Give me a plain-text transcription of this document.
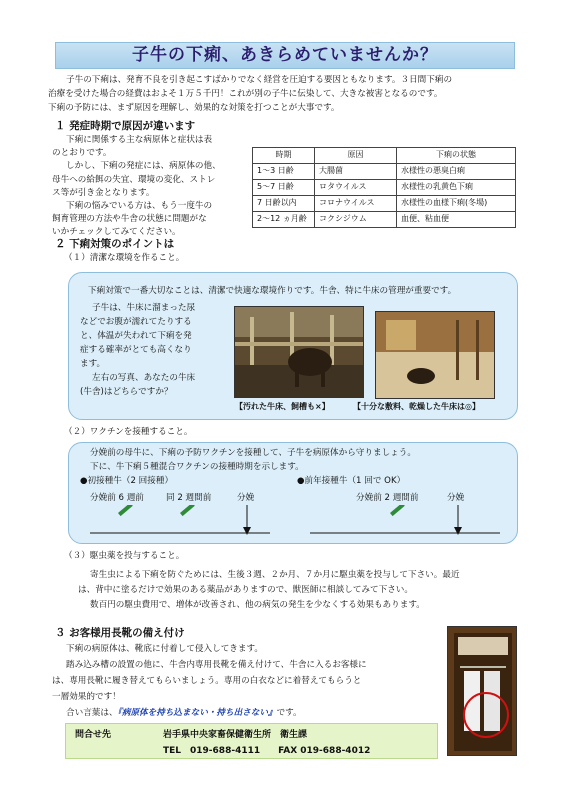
子牛の下痢、あきらめていませんか？
子牛の下痢は、発育不良を引き起こすばかりでなく経営を圧迫する要因ともなります。３日間下痢の
治療を受けた場合の経費はおよそ１万５千円！これが別の子牛に伝染して、大きな被害となるのです。
下痢の予防には、まず原因を理解し、効果的な対策を打つことが大事です。
１ 発症時期で原因が違います
下痢に関係する主な病原体と症状は表
のとおりです。
しかし、下痢の発症には、病原体の他、
母牛への給餌の失宜、環境の変化、ストレ
ス等が引き金となります。
下痢の悩みでいる方は、もう一度牛の
飼育管理の方法や牛舎の状態に問題がな
いかチェックしてみてください。
時期	原因	下痢の状態
1～3 日齢	大腸菌	水様性の悪臭白痢
5～7 日齢	ロタウイルス	水様性の乳黄色下痢
7 日齢以内	コロナウイルス	水様性の血様下痢(冬場)
2～12 ヵ月齢	コクシジウム	血便、粘血便
２ 下痢対策のポイントは
（１）清潔な環境を作ること。
下痢対策で一番大切なことは、清潔で快適な環境作りです。牛舎、特に牛床の管理が重要です。
子牛は、牛床に溜まった尿
などでお腹が濡れてたりする
と、体温が失われて下痢を発
症する確率がとても高くなり
ます。
左右の写真、あなたの牛床
(牛舎)はどちらですか？
【汚れた牛床、飼槽も×】	【十分な敷料、乾燥した牛床は◎】
（２）ワクチンを接種すること。
分娩前の母牛に、下痢の予防ワクチンを接種して、子牛を病原体から守りましょう。
下に、牛下痢５種混合ワクチンの接種時期を示します。
●初接種牛（2 回接種）	●前年接種牛（1 回で OK）
分娩前 6 週前	同 2 週間前	分娩	分娩前 2 週間前	分娩
（３）駆虫薬を投与すること。
寄生虫による下痢を防ぐためには、生後３週、２か月、７か月に駆虫薬を投与して下さい。最近
は、背中に塗るだけで効果のある薬品がありますので、獣医師に相談してみて下さい。
数百円の駆虫費用で、増体が改善され、他の病気の発生を少なくする効果もあります。
３ お客様用長靴の備え付け
下痢の病原体は、靴底に付着して侵入してきます。
踏み込み槽の設置の他に、牛舎内専用長靴を備え付けて、牛舎に入るお客様に
は、専用長靴に履き替えてもらいましょう。専用の白衣などに着替えてもらうと
一層効果的です！
合い言葉は、『病原体を持ち込まない・持ち出さない』です。
問合せ先	岩手県中央家畜保健衛生所　衛生課
TEL　019-688-4111　　FAX 019-688-4012
